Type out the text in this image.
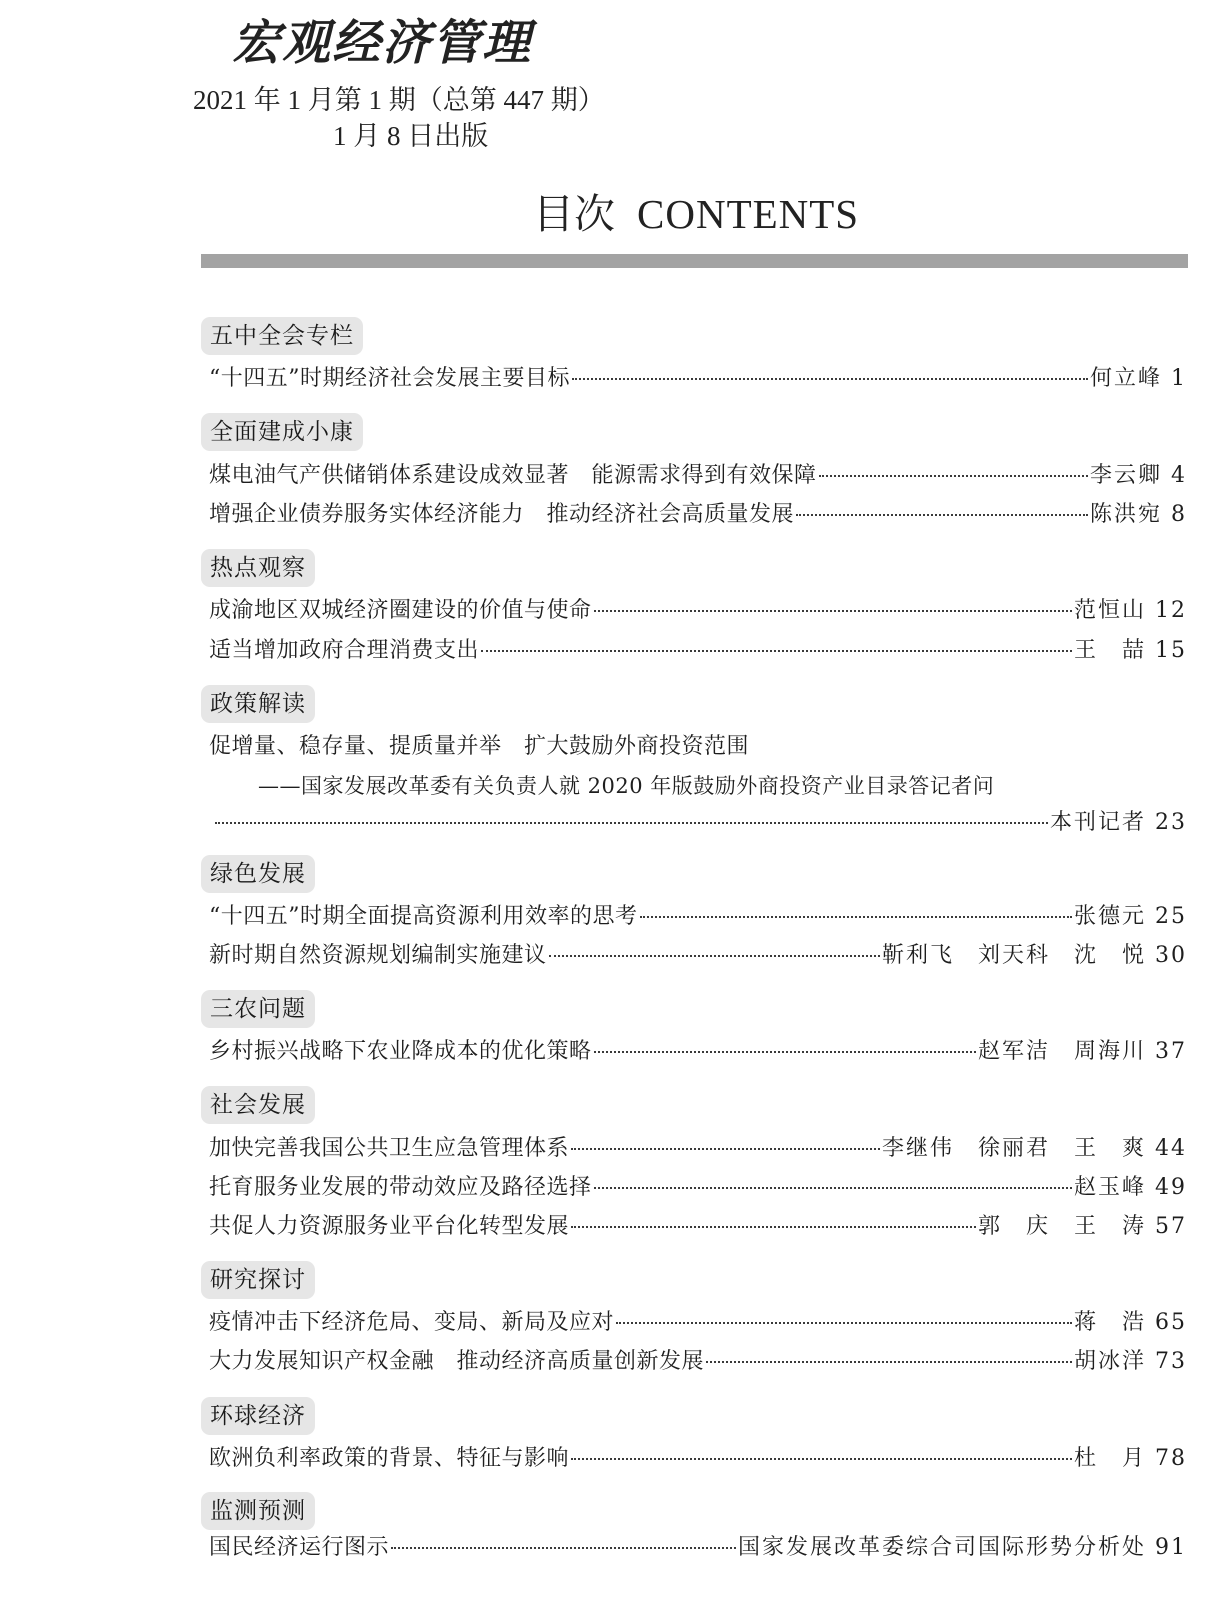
宏观经济管理
2021 年 1 月第 1 期（总第 447 期）
1 月 8 日出版
目次 CONTENTS
五中全会专栏
“十四五”时期经济社会发展主要目标	何立峰 1
全面建成小康
煤电油气产供储销体系建设成效显著　能源需求得到有效保障	李云卿 4
增强企业债券服务实体经济能力　推动经济社会高质量发展	陈洪宛 8
热点观察
成渝地区双城经济圈建设的价值与使命	范恒山 12
适当增加政府合理消费支出	王　喆 15
政策解读
促增量、稳存量、提质量并举　扩大鼓励外商投资范围
——国家发展改革委有关负责人就 2020 年版鼓励外商投资产业目录答记者问
本刊记者 23
绿色发展
“十四五”时期全面提高资源利用效率的思考	张德元 25
新时期自然资源规划编制实施建议	靳利飞　刘天科　沈　悦 30
三农问题
乡村振兴战略下农业降成本的优化策略	赵军洁　周海川 37
社会发展
加快完善我国公共卫生应急管理体系	李继伟　徐丽君　王　爽 44
托育服务业发展的带动效应及路径选择	赵玉峰 49
共促人力资源服务业平台化转型发展	郭　庆　王　涛 57
研究探讨
疫情冲击下经济危局、变局、新局及应对	蒋　浩 65
大力发展知识产权金融　推动经济高质量创新发展	胡冰洋 73
环球经济
欧洲负利率政策的背景、特征与影响	杜　月 78
监测预测
国民经济运行图示	国家发展改革委综合司国际形势分析处 91
